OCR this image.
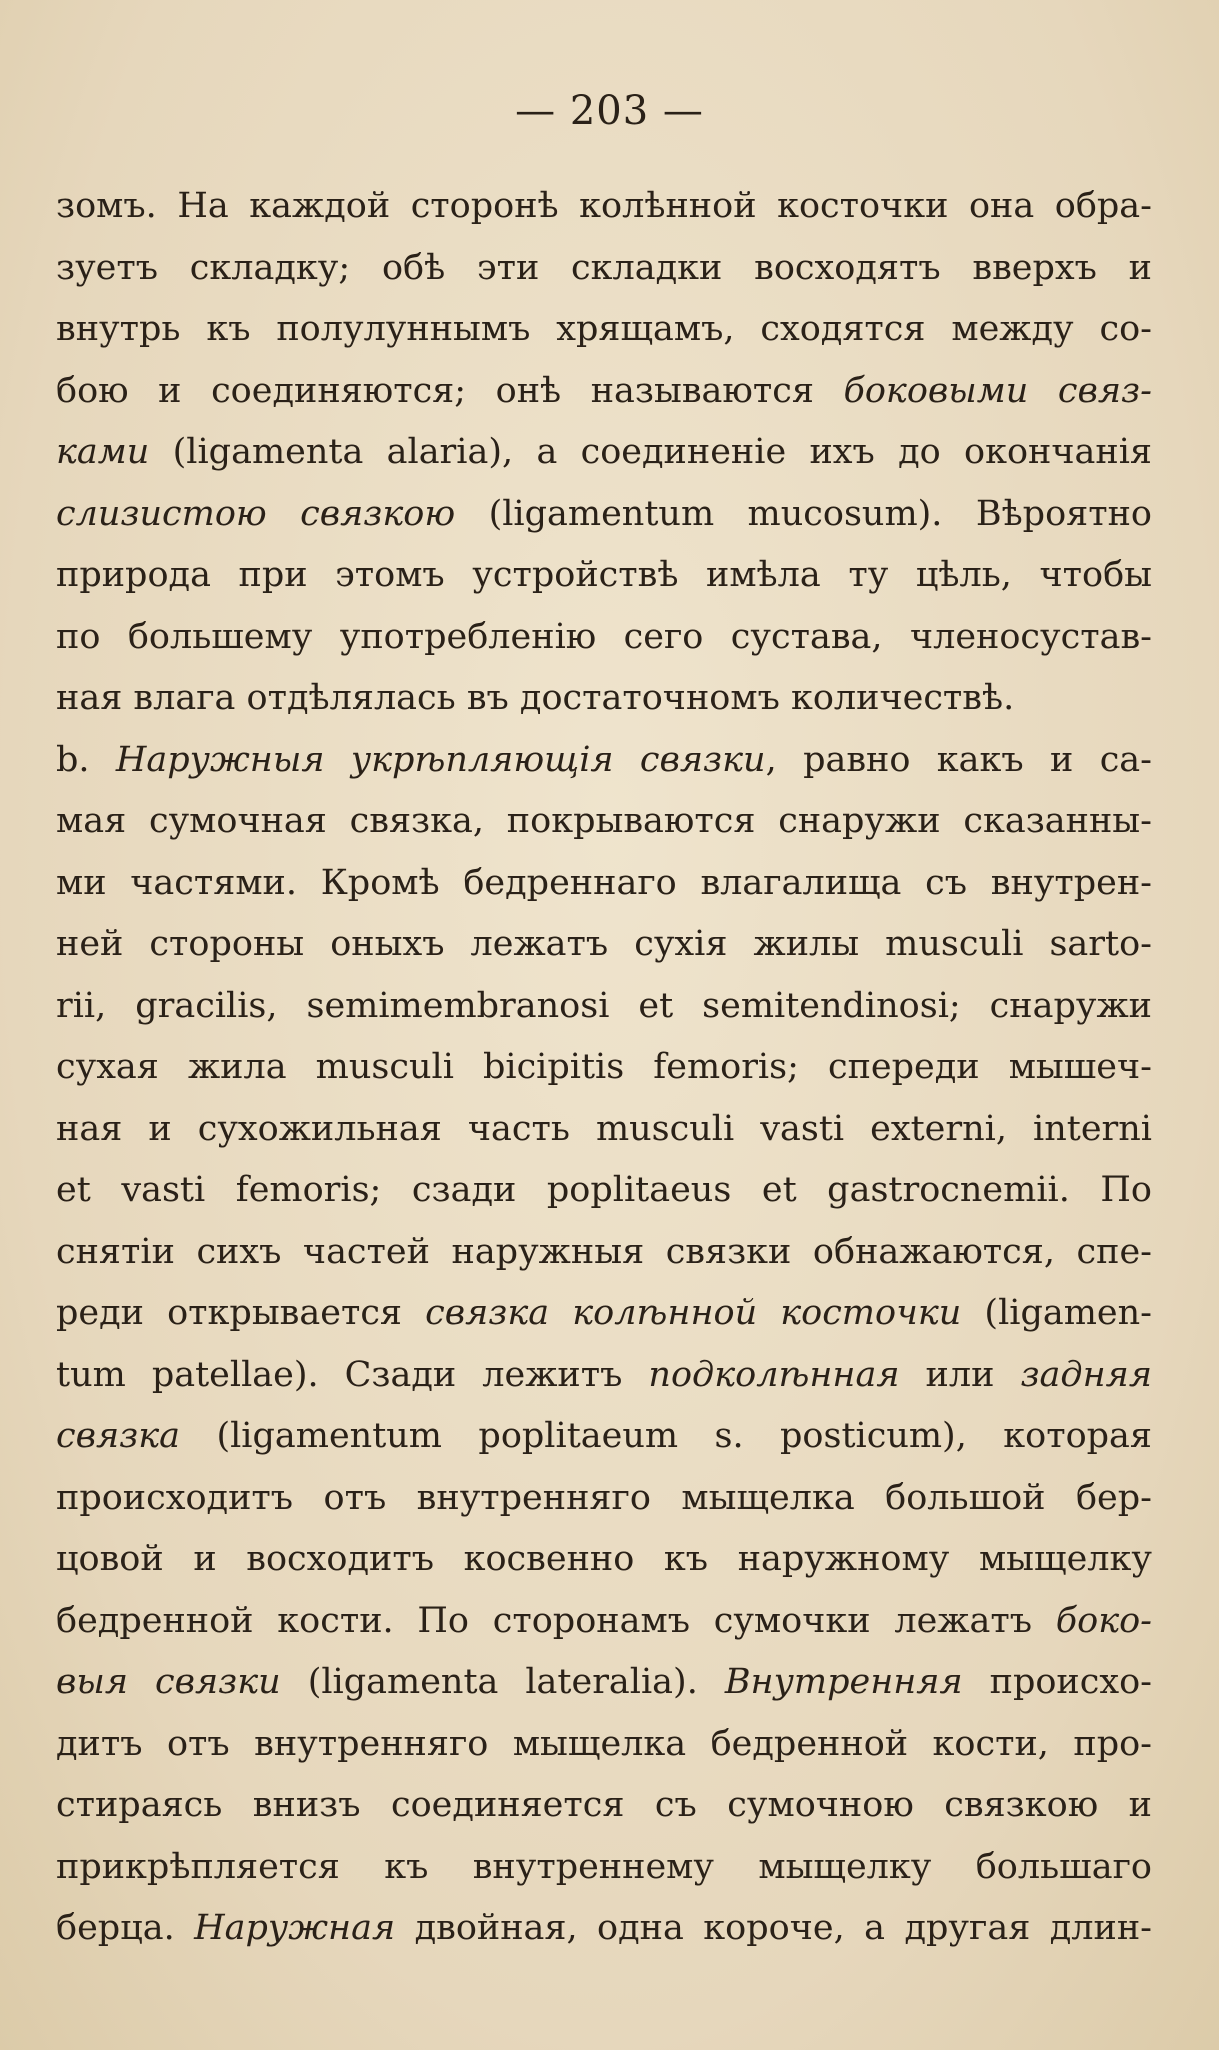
— 203 —
зомъ. На каждой сторонѣ колѣнной косточки она обра-
зуетъ складку; обѣ эти складки восходятъ вверхъ и
внутрь къ полулуннымъ хрящамъ, сходятся между со-
бою и соединяются; онѣ называются боковыми связ-
ками (ligamenta alaria), а соединеніе ихъ до окончанія
слизистою связкою (ligamentum mucosum). Вѣроятно
природа при этомъ устройствѣ имѣла ту цѣль, чтобы
по большему употребленію сего сустава, членосустав-
ная влага отдѣлялась въ достаточномъ количествѣ.
b. Наружныя укрѣпляющія связки, равно какъ и са-
мая сумочная связка, покрываются снаружи сказанны-
ми частями. Кромѣ бедреннаго влагалища съ внутрен-
ней стороны оныхъ лежатъ сухія жилы musculi sarto-
rii, gracilis, semimembranosi et semitendinosi; снаружи
сухая жила musculi bicipitis femoris; спереди мышеч-
ная и сухожильная часть musculi vasti externi, interni
et vasti femoris; сзади poplitaeus et gastrocnemii. По
снятіи сихъ частей наружныя связки обнажаются, спе-
реди открывается связка колѣнной косточки (ligamen-
tum patellae). Сзади лежитъ подколѣнная или задняя
связка (ligamentum poplitaeum s. posticum), которая
происходитъ отъ внутренняго мыщелка большой бер-
цовой и восходитъ косвенно къ наружному мыщелку
бедренной кости. По сторонамъ сумочки лежатъ боко-
выя связки (ligamenta lateralia). Внутренняя происхо-
дитъ отъ внутренняго мыщелка бедренной кости, про-
стираясь внизъ соединяется съ сумочною связкою и
прикрѣпляется къ внутреннему мыщелку большаго
берца. Наружная двойная, одна короче, а другая длин-
